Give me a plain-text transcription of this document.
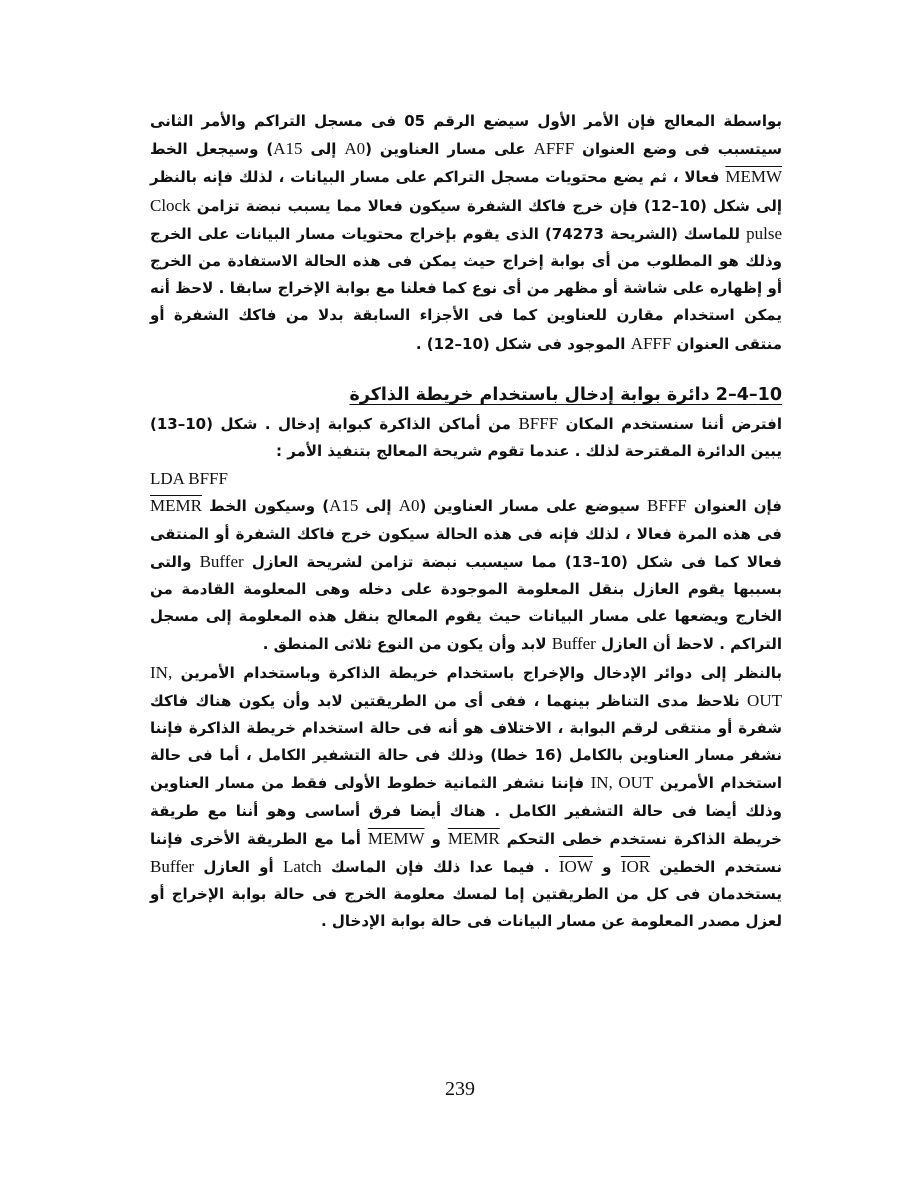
بواسطة المعالج فإن الأمر الأول سيضع الرقم 05 فى مسجل التراكم والأمر الثانى سيتسبب فى وضع العنوان AFFF على مسار العناوين (A0 إلى A15) وسيجعل الخط MEMW فعالا ، ثم يضع محتويات مسجل التراكم على مسار البيانات ، لذلك فإنه بالنظر إلى شكل (10–12) فإن خرج فاكك الشفرة سيكون فعالا مما يسبب نبضة تزامن Clock pulse للماسك (الشريحة 74273) الذى يقوم بإخراج محتويات مسار البيانات على الخرج وذلك هو المطلوب من أى بوابة إخراج حيث يمكن فى هذه الحالة الاستفادة من الخرج أو إظهاره على شاشة أو مظهر من أى نوع كما فعلنا مع بوابة الإخراج سابقا . لاحظ أنه يمكن استخدام مقارن للعناوين كما فى الأجزاء السابقة بدلا من فاكك الشفرة أو منتقى العنوان AFFF الموجود فى شكل (10–12) .

10–4–2 دائرة بوابة إدخال باستخدام خريطة الذاكرة

افترض أننا سنستخدم المكان BFFF من أماكن الذاكرة كبوابة إدخال . شكل (10–13) يبين الدائرة المقترحة لذلك . عندما تقوم شريحة المعالج بتنفيذ الأمر :

LDA BFFF

فإن العنوان BFFF سيوضع على مسار العناوين (A0 إلى A15) وسيكون الخط MEMR فى هذه المرة فعالا ، لذلك فإنه فى هذه الحالة سيكون خرج فاكك الشفرة أو المنتقى فعالا كما فى شكل (10–13) مما سيسبب نبضة تزامن لشريحة العازل Buffer والتى بسببها يقوم العازل بنقل المعلومة الموجودة على دخله وهى المعلومة القادمة من الخارج ويضعها على مسار البيانات حيث يقوم المعالج بنقل هذه المعلومة إلى مسجل التراكم . لاحظ أن العازل Buffer لابد وأن يكون من النوع ثلاثى المنطق .

بالنظر إلى دوائر الإدخال والإخراج باستخدام خريطة الذاكرة وباستخدام الأمرين IN, OUT نلاحظ مدى التناظر بينهما ، ففى أى من الطريقتين لابد وأن يكون هناك فاكك شفرة أو منتقى لرقم البوابة ، الاختلاف هو أنه فى حالة استخدام خريطة الذاكرة فإننا نشفر مسار العناوين بالكامل (16 خطا) وذلك فى حالة التشفير الكامل ، أما فى حالة استخدام الأمرين IN, OUT فإننا نشفر الثمانية خطوط الأولى فقط من مسار العناوين وذلك أيضا فى حالة التشفير الكامل . هناك أيضا فرق أساسى وهو أننا مع طريقة خريطة الذاكرة نستخدم خطى التحكم MEMR و MEMW أما مع الطريقة الأخرى فإننا نستخدم الخطين IOR و IOW . فيما عدا ذلك فإن الماسك Latch أو العازل Buffer يستخدمان فى كل من الطريقتين إما لمسك معلومة الخرج فى حالة بوابة الإخراج أو لعزل مصدر المعلومة عن مسار البيانات فى حالة بوابة الإدخال .

239
